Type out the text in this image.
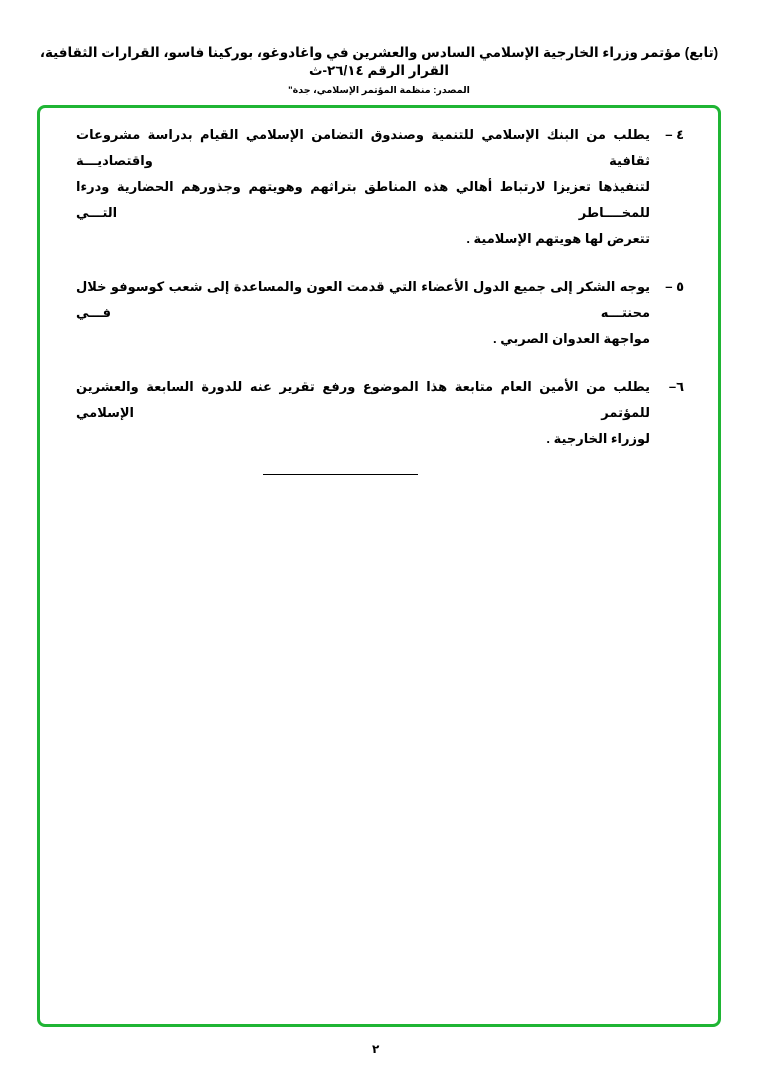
(تابع) مؤتمر وزراء الخارجية الإسلامي السادس والعشرين في واغادوغو، بوركينا فاسو، القرارات الثقافية، القرار الرقم ٢٦/١٤-ث
المصدر: منظمة المؤتمر الإسلامي، جدة"
٤ –
يطلب من البنك الإسلامي للتنمية وصندوق التضامن الإسلامي القيام بدراسة مشروعات ثقافية واقتصاديـــة
لتنفيذها تعزيزا لارتباط أهالي هذه المناطق بتراثهم وهويتهم وجذورهم الحضارية ودرءا للمخــــاطر التـــي
تتعرض لها هويتهم الإسلامية .
٥ –
يوجه الشكر إلى جميع الدول الأعضاء التي قدمت العون والمساعدة إلى شعب كوسوفو خلال محنتـــه فـــي
مواجهة العدوان الصربي .
٦–
يطلب من الأمين العام متابعة هذا الموضوع ورفع تقرير عنه للدورة السابعة والعشرين للمؤتمر الإسلامي
لوزراء الخارجية .
٢
